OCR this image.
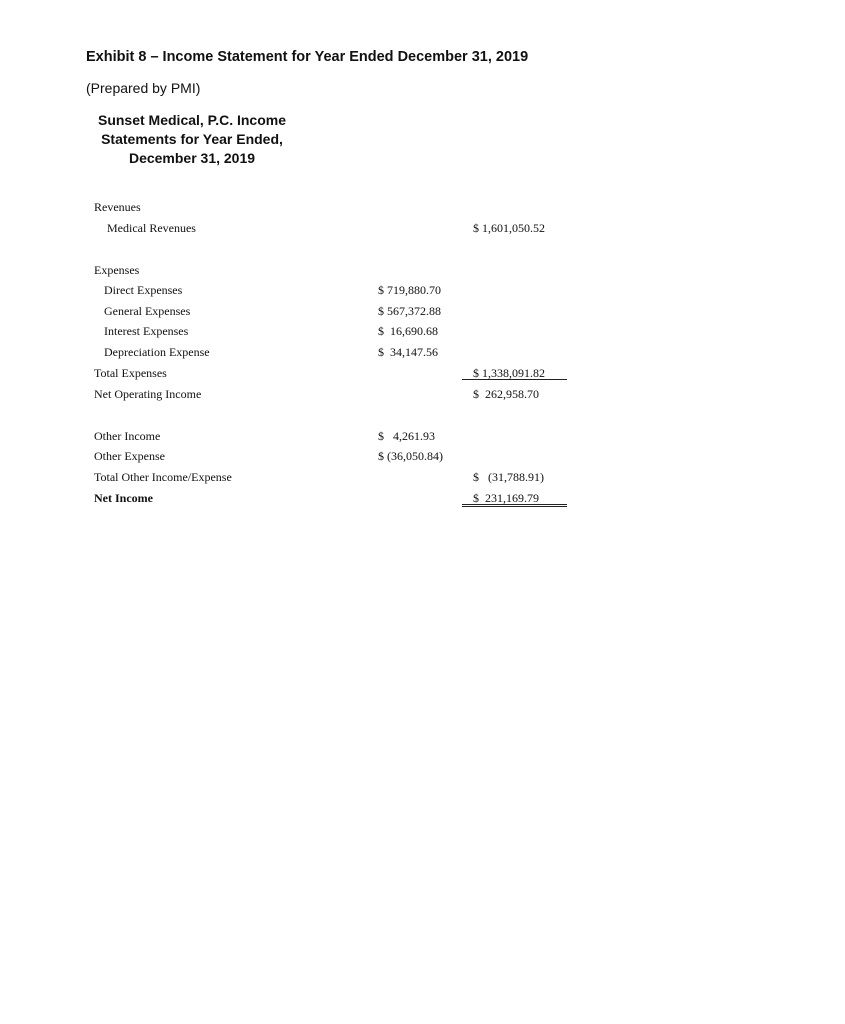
Exhibit 8 – Income Statement for Year Ended December 31, 2019
(Prepared by PMI)
Sunset Medical, P.C. Income Statements for Year Ended, December 31, 2019
Revenues
Medical Revenues	$ 1,601,050.52
Expenses
Direct Expenses	$ 719,880.70
General Expenses	$ 567,372.88
Interest Expenses	$  16,690.68
Depreciation Expense	$  34,147.56
Total Expenses	$ 1,338,091.82
Net Operating Income	$  262,958.70
Other Income	$   4,261.93
Other Expense	$ (36,050.84)
Total Other Income/Expense	$   (31,788.91)
Net Income	$  231,169.79
